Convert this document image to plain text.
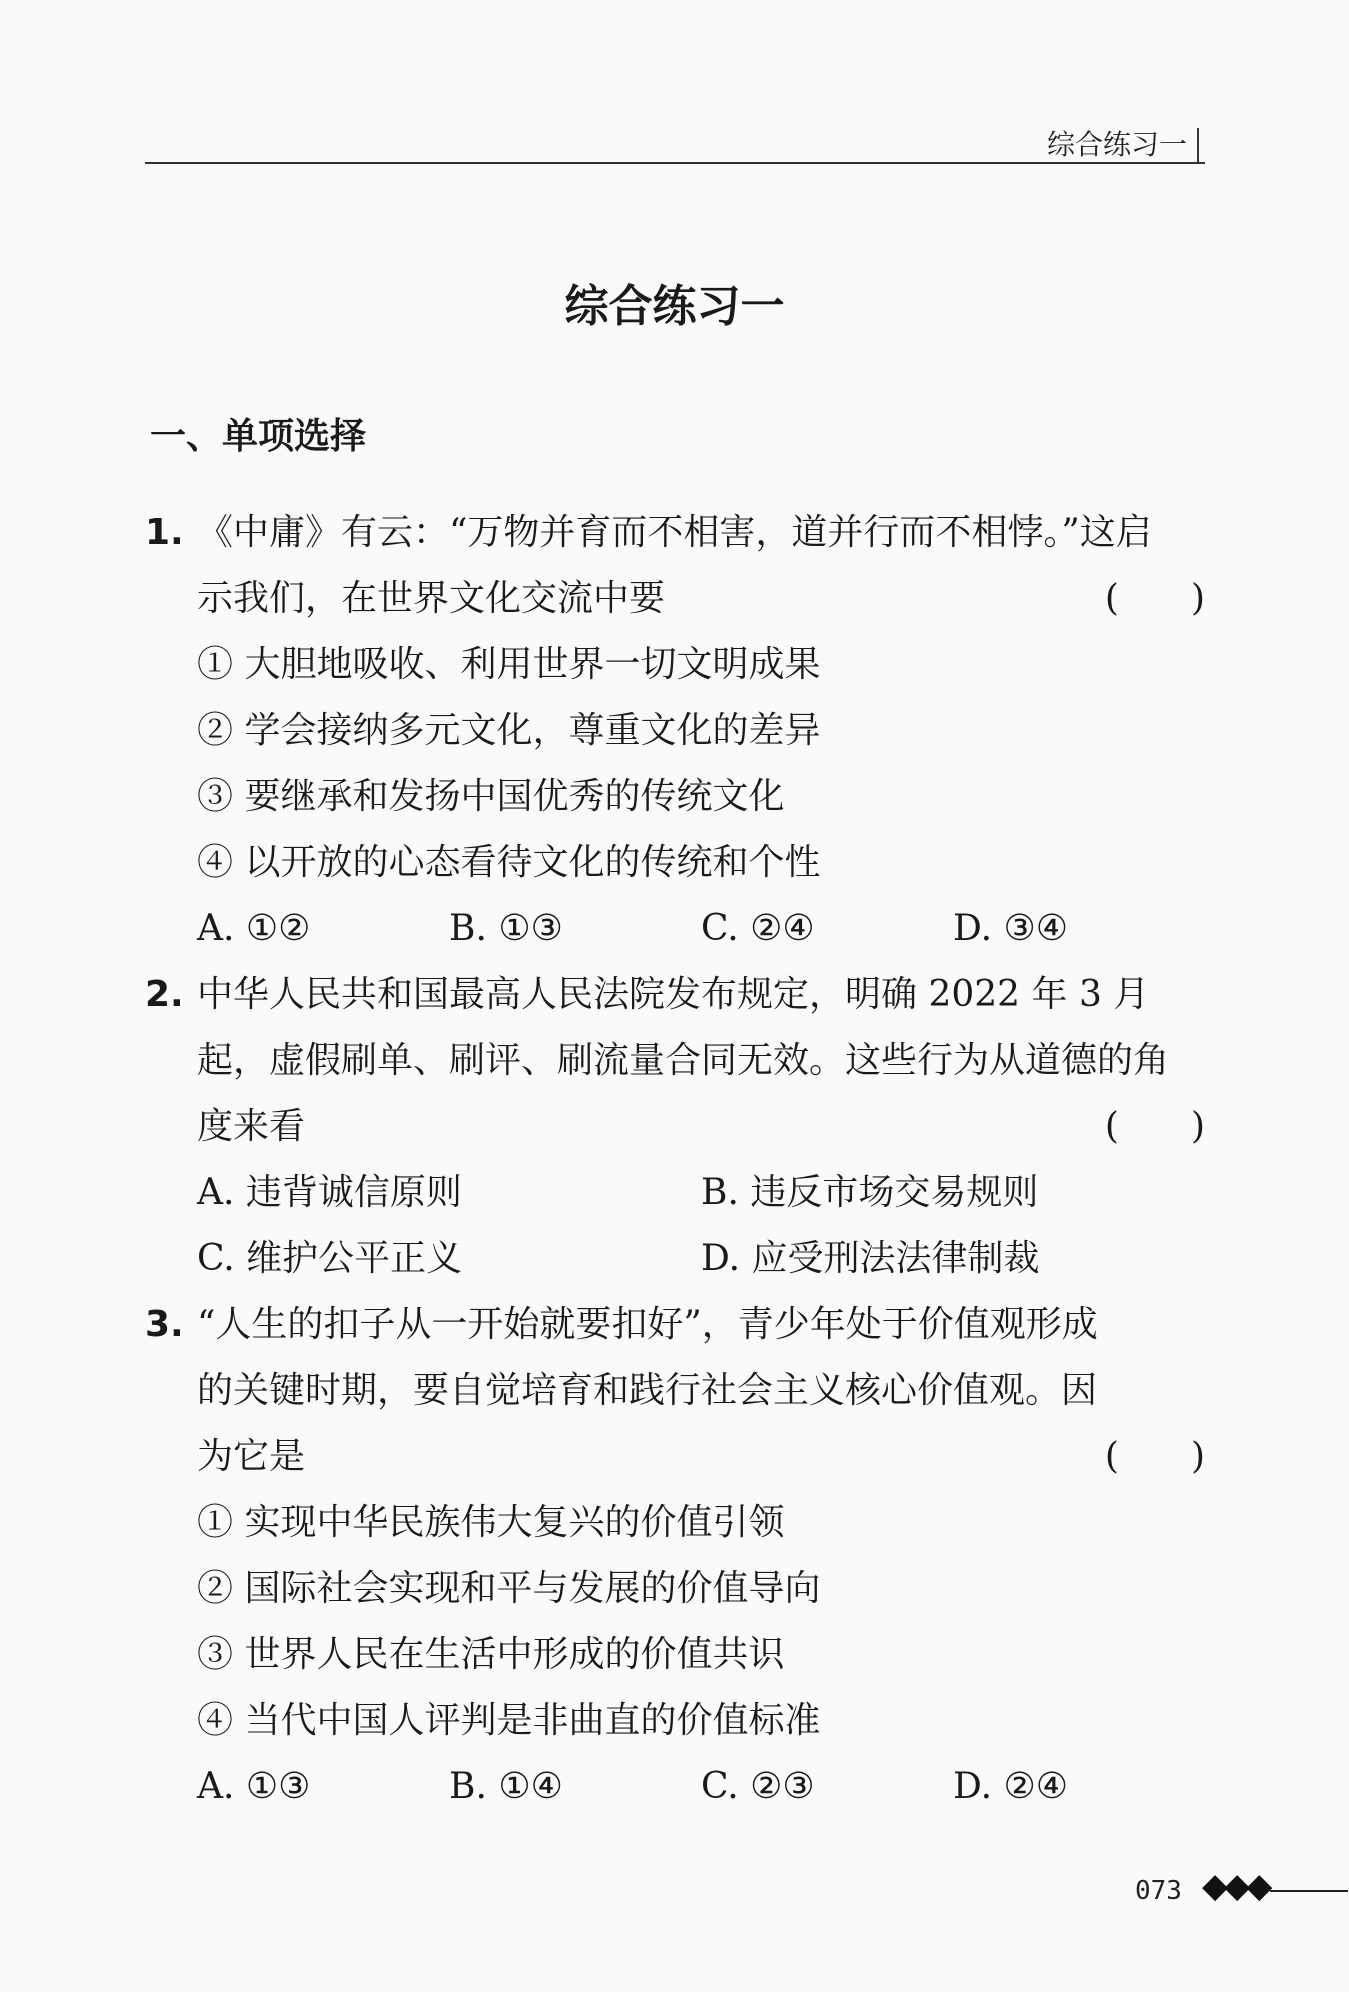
综合练习一
综合练习一
一、单项选择
1. 《中庸》有云：“万物并育而不相害，道并行而不相悖。”这启
示我们，在世界文化交流中要	(　　)
① 大胆地吸收、利用世界一切文明成果
② 学会接纳多元文化，尊重文化的差异
③ 要继承和发扬中国优秀的传统文化
④ 以开放的心态看待文化的传统和个性
A. ①②	B. ①③	C. ②④	D. ③④
2. 中华人民共和国最高人民法院发布规定，明确 2022 年 3 月
起，虚假刷单、刷评、刷流量合同无效。这些行为从道德的角
度来看	(　　)
A. 违背诚信原则	B. 违反市场交易规则
C. 维护公平正义	D. 应受刑法法律制裁
3. “人生的扣子从一开始就要扣好”，青少年处于价值观形成
的关键时期，要自觉培育和践行社会主义核心价值观。因
为它是	(　　)
① 实现中华民族伟大复兴的价值引领
② 国际社会实现和平与发展的价值导向
③ 世界人民在生活中形成的价值共识
④ 当代中国人评判是非曲直的价值标准
A. ①③	B. ①④	C. ②③	D. ②④
073 ◆◆◆
